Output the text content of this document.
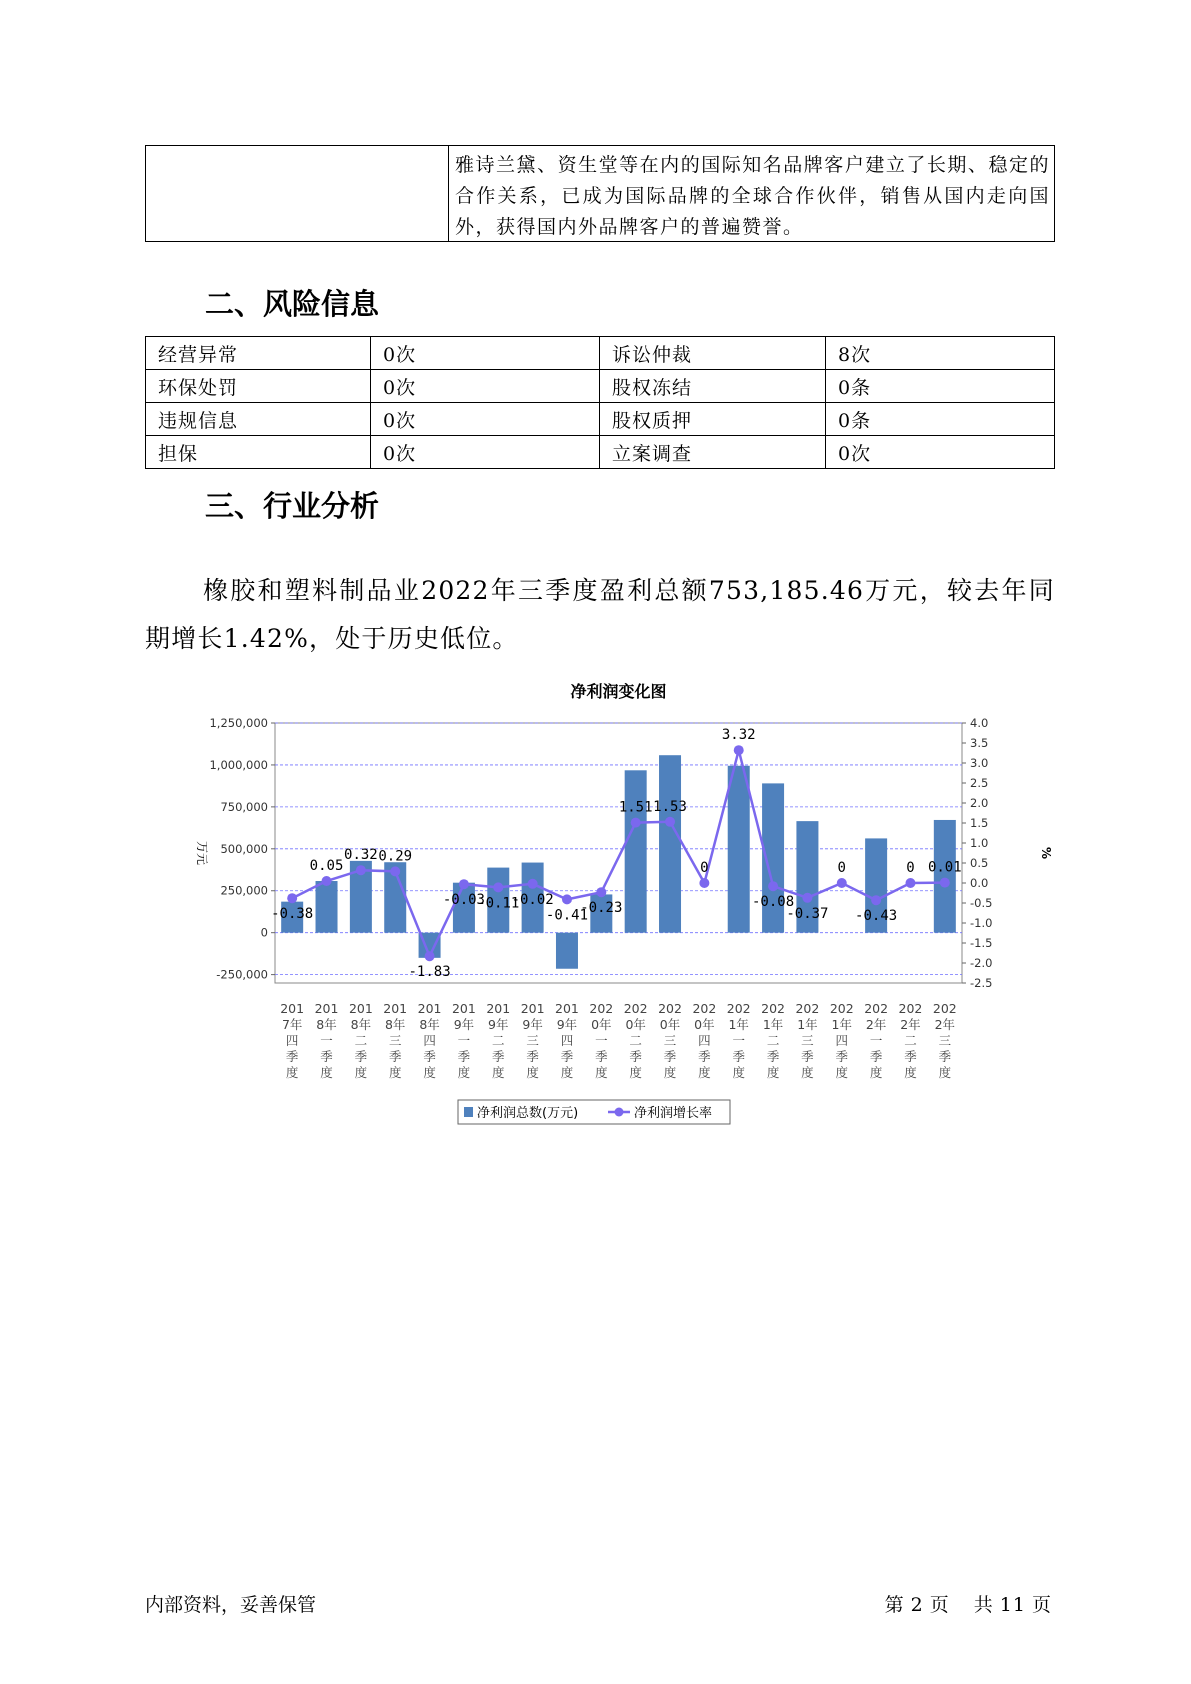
雅诗兰黛、资生堂等在内的国际知名品牌客户建立了长期、稳定的合作关系，已成为国际品牌的全球合作伙伴，销售从国内走向国外，获得国内外品牌客户的普遍赞誉。
二、风险信息
经营异常	0次	诉讼仲裁	8次
环保处罚	0次	股权冻结	0条
违规信息	0次	股权质押	0条
担保	0次	立案调查	0次
三、行业分析
橡胶和塑料制品业2022年三季度盈利总额753,185.46万元，较去年同期增长1.42%，处于历史低位。
净利润变化图
1,250,000
1,000,000
750,000
500,000
250,000
0
-250,000
4.0
3.5
3.0
2.5
2.0
1.5
1.0
0.5
0.0
-0.5
-1.0
-1.5
-2.0
-2.5
万元	%
-0.38
0.05
0.32 0.29
-1.83
-0.03
-0.11
-0.02
-0.41
-0.23
1.51 1.53
0
3.32
-0.08
-0.37
0
-0.43
0 0.01
201
7年
四
季
度
201
8年
一
季
度
201
8年
二
季
度
201
8年
三
季
度
201
8年
四
季
度
201
9年
一
季
度
201
9年
二
季
度
201
9年
三
季
度
201
9年
四
季
度
202
0年
一
季
度
202
0年
二
季
度
202
0年
三
季
度
202
0年
四
季
度
202
1年
一
季
度
202
1年
二
季
度
202
1年
三
季
度
202
1年
四
季
度
202
2年
一
季
度
202
2年
二
季
度
202
2年
三
季
度
净利润总数(万元)	净利润增长率
内部资料，妥善保管	第 2 页 共 11 页
